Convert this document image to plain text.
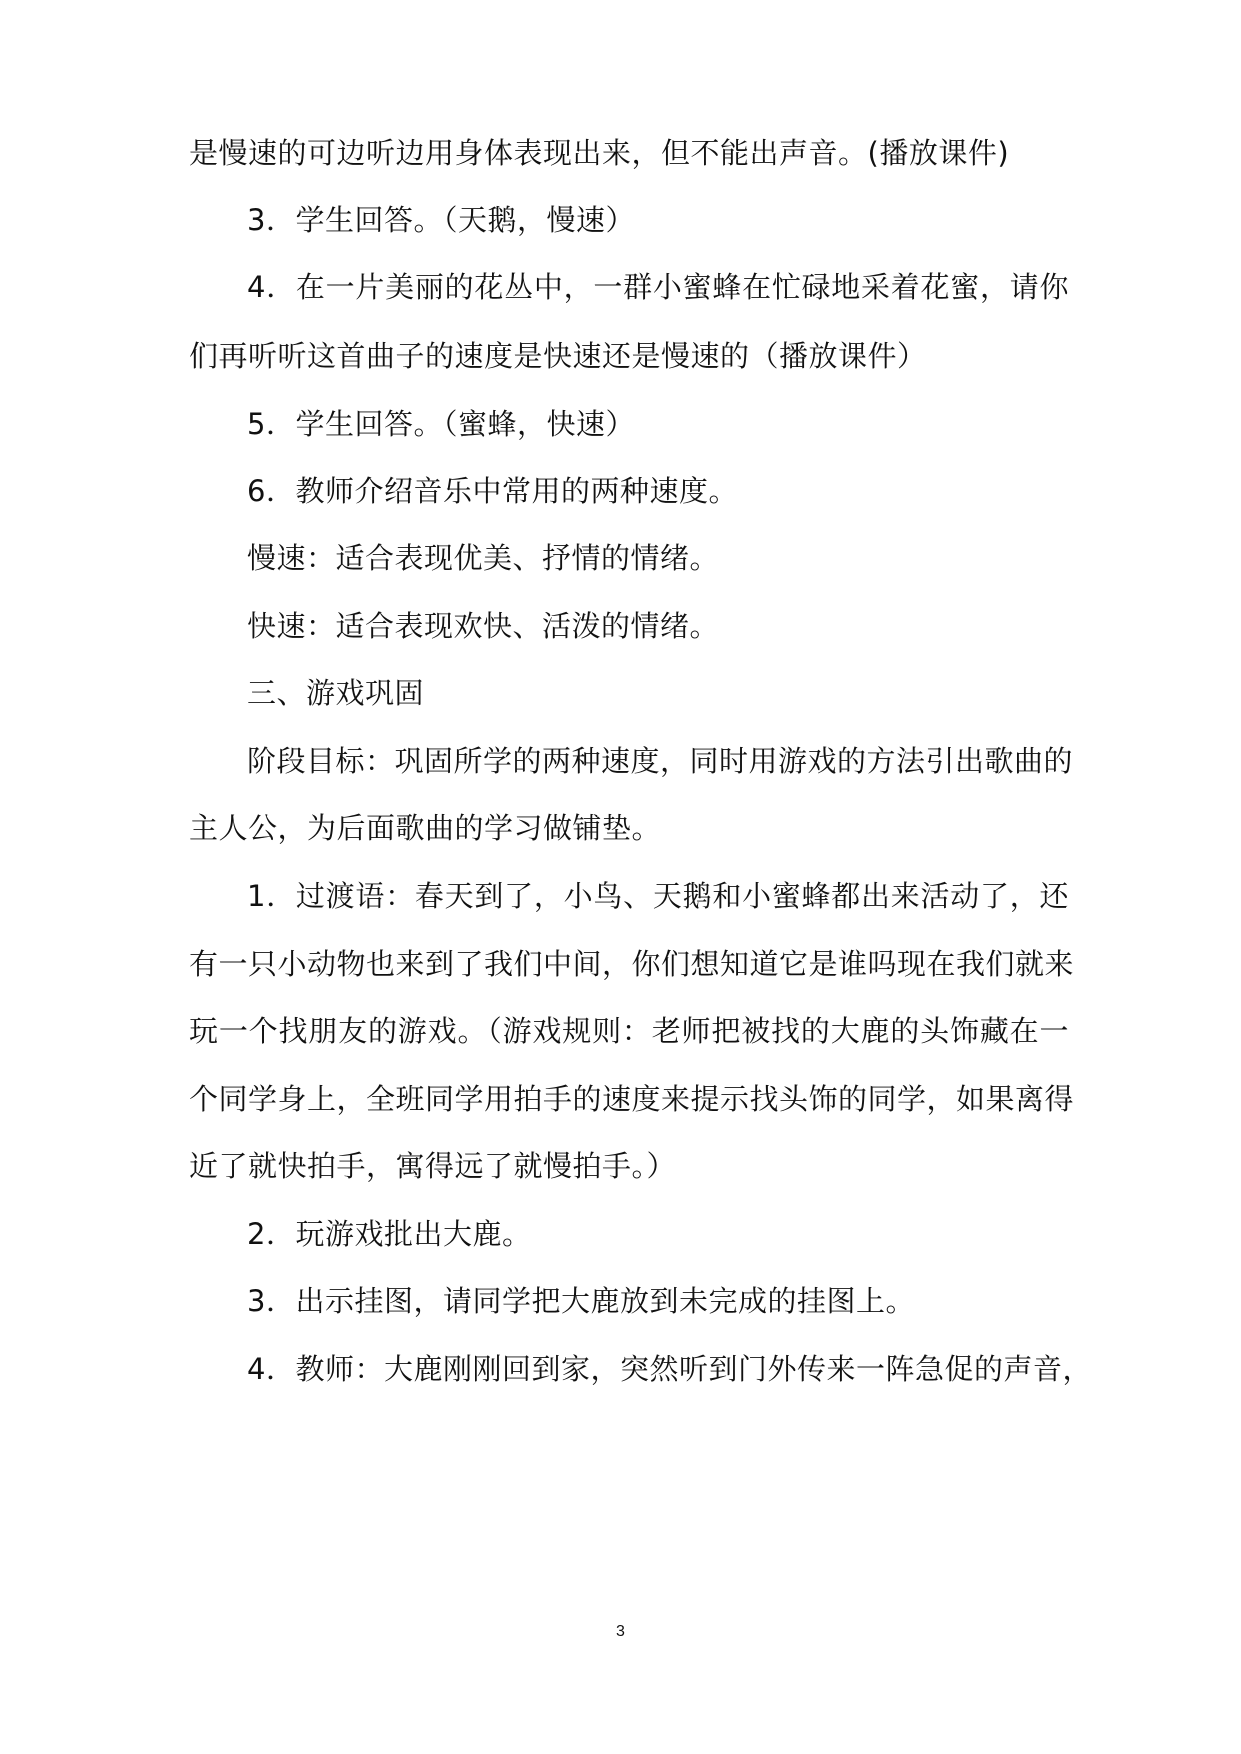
是慢速的可边听边用身体表现出来，但不能出声音。(播放课件)
3．学生回答。（天鹅，慢速）
4．在一片美丽的花丛中，一群小蜜蜂在忙碌地采着花蜜，请你
们再听听这首曲子的速度是快速还是慢速的（播放课件）
5．学生回答。（蜜蜂，快速）
6．教师介绍音乐中常用的两种速度。
慢速：适合表现优美、抒情的情绪。
快速：适合表现欢快、活泼的情绪。
三、游戏巩固
阶段目标：巩固所学的两种速度，同时用游戏的方法引出歌曲的
主人公，为后面歌曲的学习做铺垫。
1．过渡语：春天到了，小鸟、天鹅和小蜜蜂都出来活动了，还
有一只小动物也来到了我们中间，你们想知道它是谁吗现在我们就来
玩一个找朋友的游戏。（游戏规则：老师把被找的大鹿的头饰藏在一
个同学身上，全班同学用拍手的速度来提示找头饰的同学，如果离得
近了就快拍手，寓得远了就慢拍手。）
2．玩游戏批出大鹿。
3．出示挂图，请同学把大鹿放到未完成的挂图上。
4．教师：大鹿刚刚回到家，突然听到门外传来一阵急促的声音，
3
